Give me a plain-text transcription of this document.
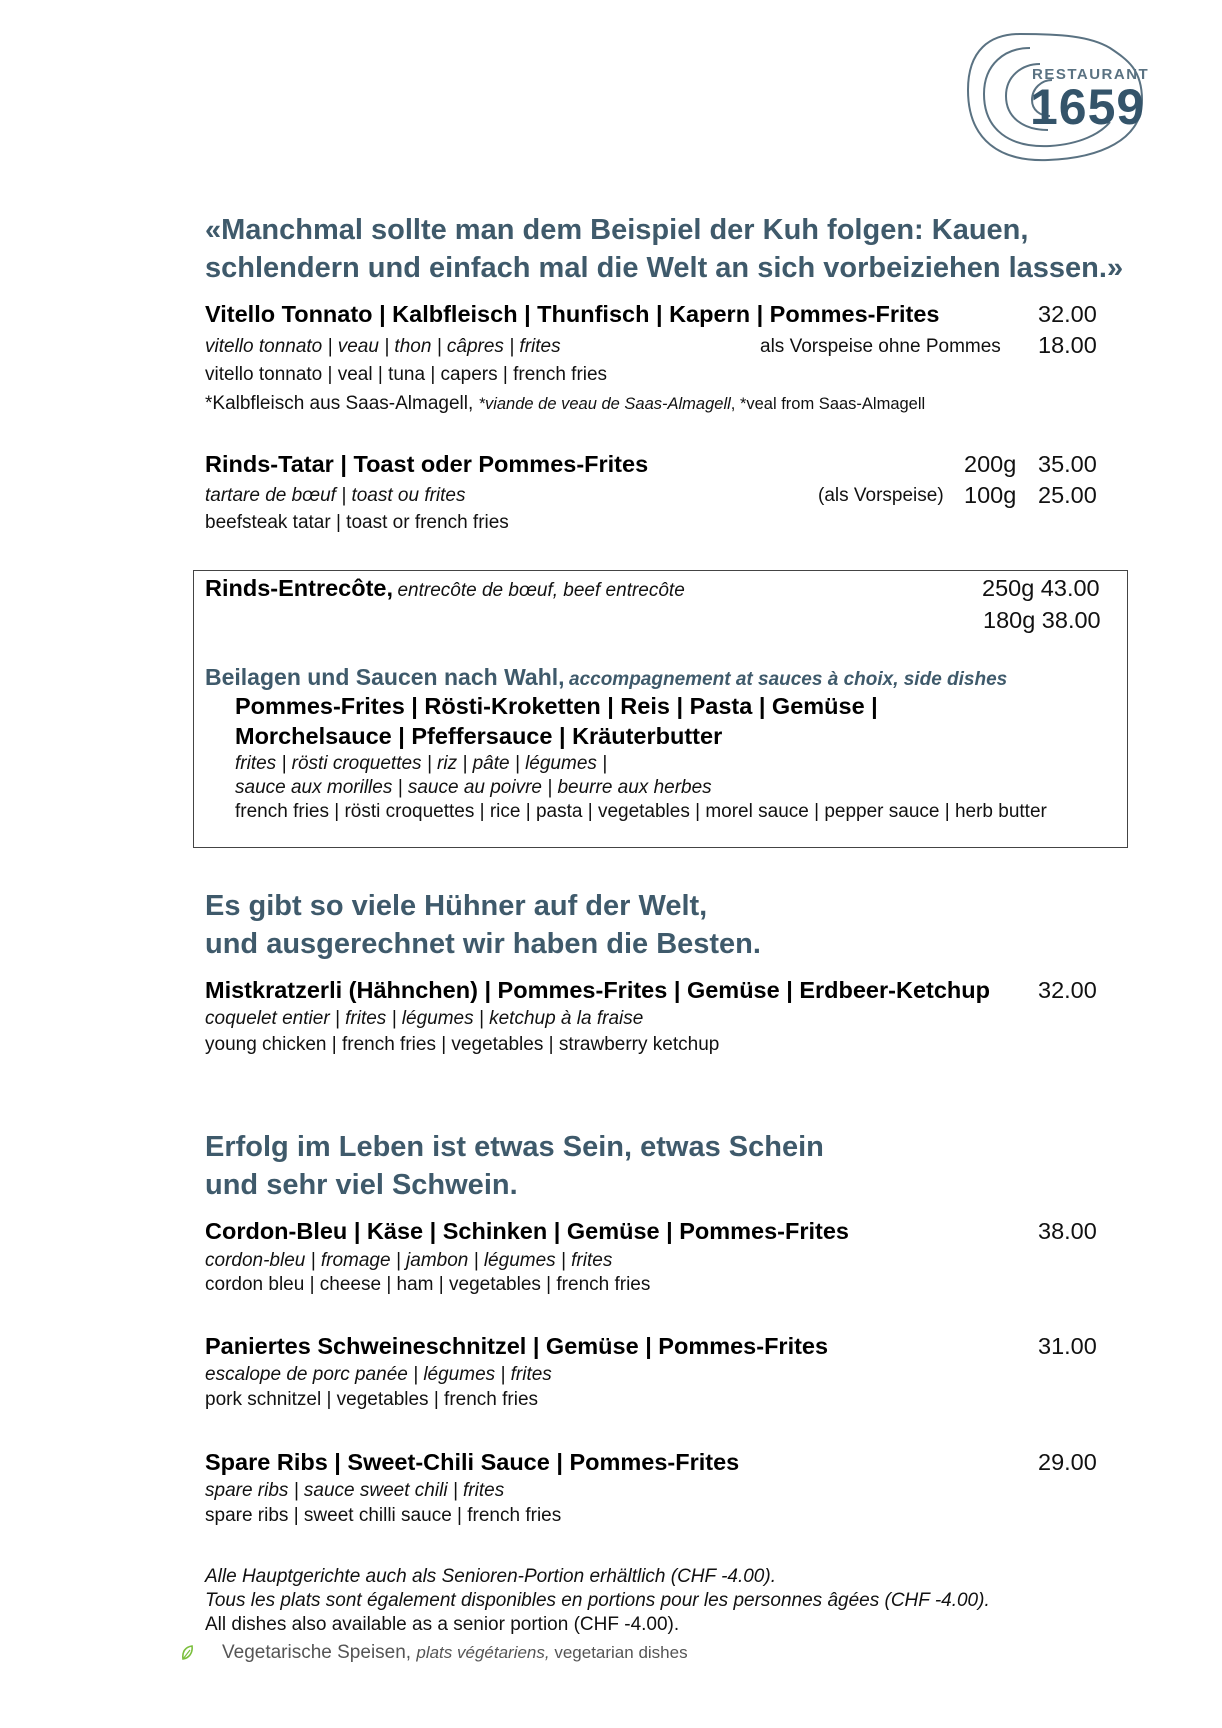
RESTAURANT
1659
«Manchmal sollte man dem Beispiel der Kuh folgen: Kauen,
schlendern und einfach mal die Welt an sich vorbeiziehen lassen.»
Vitello Tonnato | Kalbfleisch | Thunfisch | Kapern | Pommes-Frites	32.00
vitello tonnato | veau | thon | câpres | frites	als Vorspeise ohne Pommes 18.00
vitello tonnato | veal | tuna | capers | french fries
*Kalbfleisch aus Saas-Almagell, *viande de veau de Saas-Almagell, *veal from Saas-Almagell
Rinds-Tatar | Toast oder Pommes-Frites	200g 35.00
tartare de bœuf | toast ou frites	(als Vorspeise) 100g 25.00
beefsteak tatar | toast or french fries
Rinds-Entrecôte, entrecôte de bœuf, beef entrecôte	250g 43.00
180g 38.00
Beilagen und Saucen nach Wahl, accompagnement at sauces à choix, side dishes
Pommes-Frites | Rösti-Kroketten | Reis | Pasta | Gemüse |
Morchelsauce | Pfeffersauce | Kräuterbutter
frites | rösti croquettes | riz | pâte | légumes |
sauce aux morilles | sauce au poivre | beurre aux herbes
french fries | rösti croquettes | rice | pasta | vegetables | morel sauce | pepper sauce | herb butter
Es gibt so viele Hühner auf der Welt,
und ausgerechnet wir haben die Besten.
Mistkratzerli (Hähnchen) | Pommes-Frites | Gemüse | Erdbeer-Ketchup 32.00
coquelet entier | frites | légumes | ketchup à la fraise
young chicken | french fries | vegetables | strawberry ketchup
Erfolg im Leben ist etwas Sein, etwas Schein
und sehr viel Schwein.
Cordon-Bleu | Käse | Schinken | Gemüse | Pommes-Frites	38.00
cordon-bleu | fromage | jambon | légumes | frites
cordon bleu | cheese | ham | vegetables | french fries
Paniertes Schweineschnitzel | Gemüse | Pommes-Frites	31.00
escalope de porc panée | légumes | frites
pork schnitzel | vegetables | french fries
Spare Ribs | Sweet-Chili Sauce | Pommes-Frites	29.00
spare ribs | sauce sweet chili | frites
spare ribs | sweet chilli sauce | french fries
Alle Hauptgerichte auch als Senioren-Portion erhältlich (CHF -4.00).
Tous les plats sont également disponibles en portions pour les personnes âgées (CHF -4.00).
All dishes also available as a senior portion (CHF -4.00).
Vegetarische Speisen, plats végétariens, vegetarian dishes
